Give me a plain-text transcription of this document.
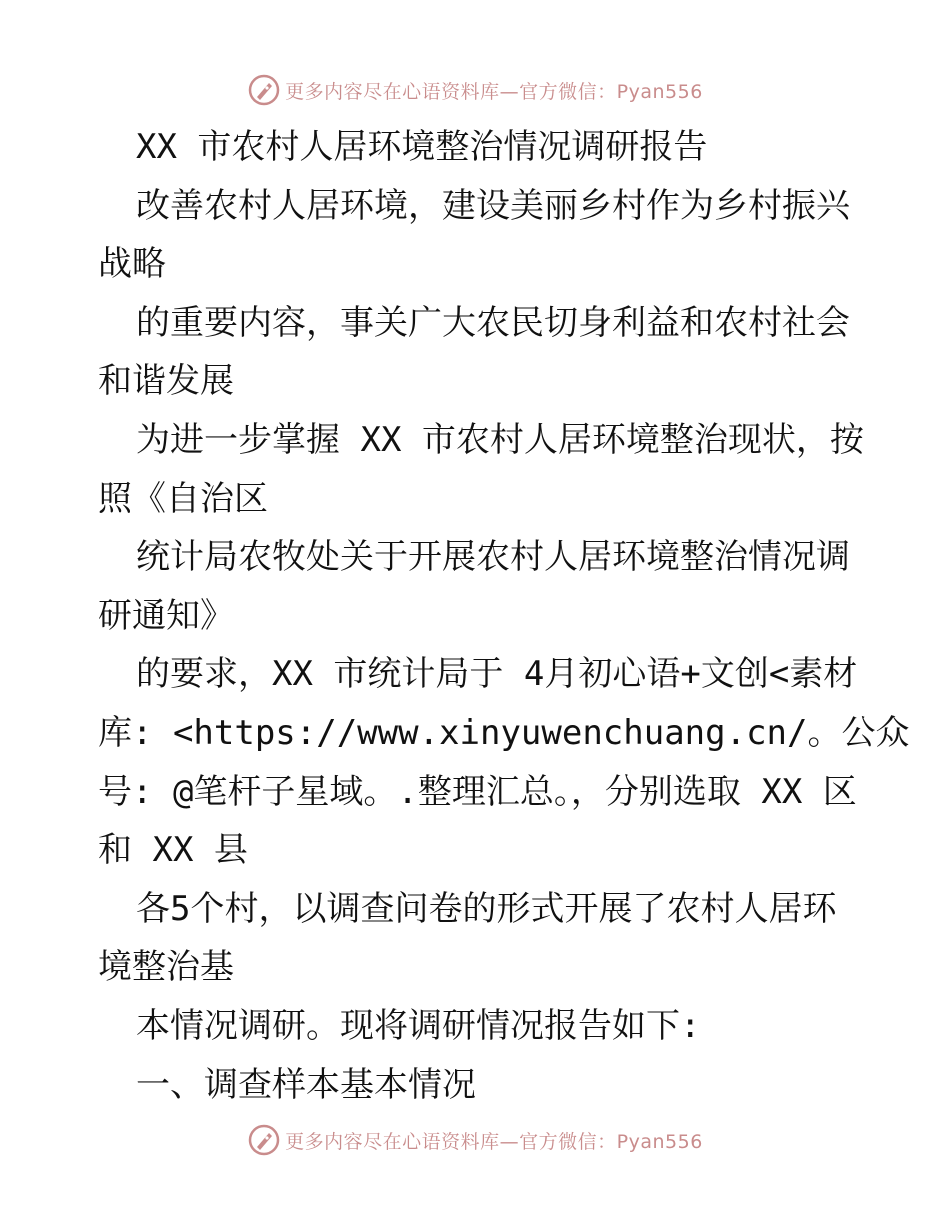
更多内容尽在心语资料库—官方微信：Pyan556
XX 市农村人居环境整治情况调研报告
改善农村人居环境，建设美丽乡村作为乡村振兴
战略
的重要内容，事关广大农民切身利益和农村社会
和谐发展
为进一步掌握 XX 市农村人居环境整治现状，按
照《自治区
统计局农牧处关于开展农村人居环境整治情况调
研通知》
的要求，XX 市统计局于 4月初心语+文创<素材
库: <https://www.xinyuwenchuang.cn/。公众
号: @笔杆子星域。.整理汇总。，分别选取 XX 区
和 XX 县
各5个村，以调查问卷的形式开展了农村人居环
境整治基
本情况调研。现将调研情况报告如下:
一、调查样本基本情况
更多内容尽在心语资料库—官方微信：Pyan556
